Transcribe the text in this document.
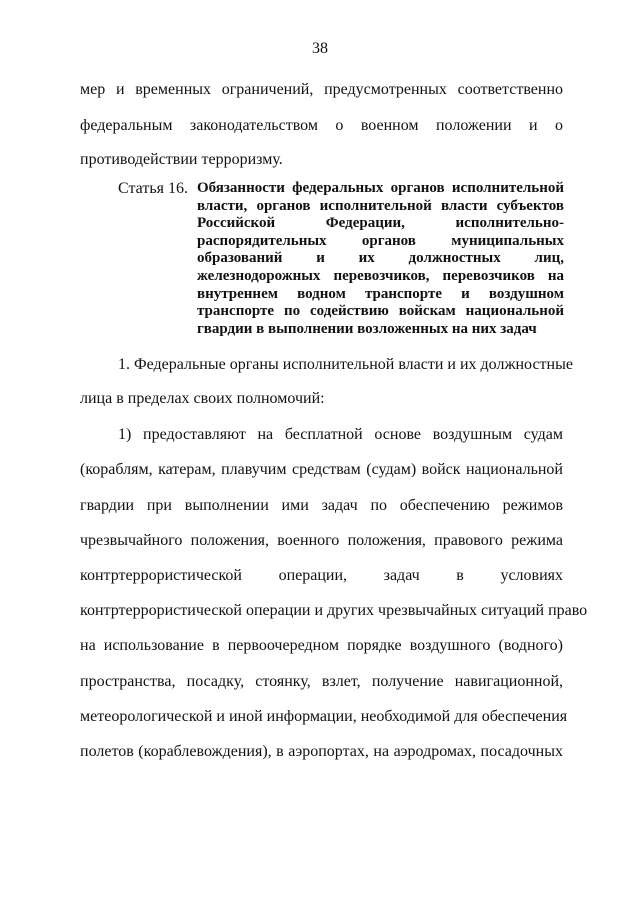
38
мер и временных ограничений, предусмотренных соответственно
федеральным законодательством о военном положении и о
противодействии терроризму.
Статья 16. Обязанности федеральных органов исполнительной
власти, органов исполнительной власти субъектов
Российской Федерации, исполнительно-
распорядительных органов муниципальных
образований и их должностных лиц,
железнодорожных перевозчиков, перевозчиков на
внутреннем водном транспорте и воздушном
транспорте по содействию войскам национальной
гвардии в выполнении возложенных на них задач
1. Федеральные органы исполнительной власти и их должностные
лица в пределах своих полномочий:
1) предоставляют на бесплатной основе воздушным судам
(кораблям, катерам, плавучим средствам (судам) войск национальной
гвардии при выполнении ими задач по обеспечению режимов
чрезвычайного положения, военного положения, правового режима
контртеррористической операции, задач в условиях
контртеррористической операции и других чрезвычайных ситуаций право
на использование в первоочередном порядке воздушного (водного)
пространства, посадку, стоянку, взлет, получение навигационной,
метеорологической и иной информации, необходимой для обеспечения
полетов (кораблевождения), в аэропортах, на аэродромах, посадочных
